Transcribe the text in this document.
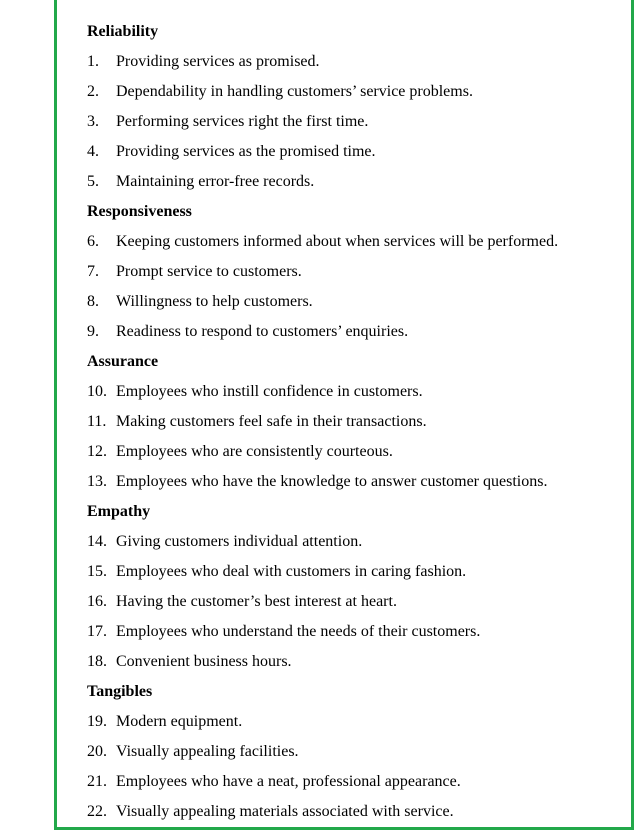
Reliability
1.	Providing services as promised.
2.	Dependability in handling customers’ service problems.
3.	Performing services right the first time.
4.	Providing services as the promised time.
5.	Maintaining error-free records.
Responsiveness
6.	Keeping customers informed about when services will be performed.
7.	Prompt service to customers.
8.	Willingness to help customers.
9.	Readiness to respond to customers’ enquiries.
Assurance
10. Employees who instill confidence in customers.
11. Making customers feel safe in their transactions.
12. Employees who are consistently courteous.
13. Employees who have the knowledge to answer customer questions.
Empathy
14. Giving customers individual attention.
15. Employees who deal with customers in caring fashion.
16. Having the customer’s best interest at heart.
17. Employees who understand the needs of their customers.
18. Convenient business hours.
Tangibles
19. Modern equipment.
20. Visually appealing facilities.
21. Employees who have a neat, professional appearance.
22. Visually appealing materials associated with service.
